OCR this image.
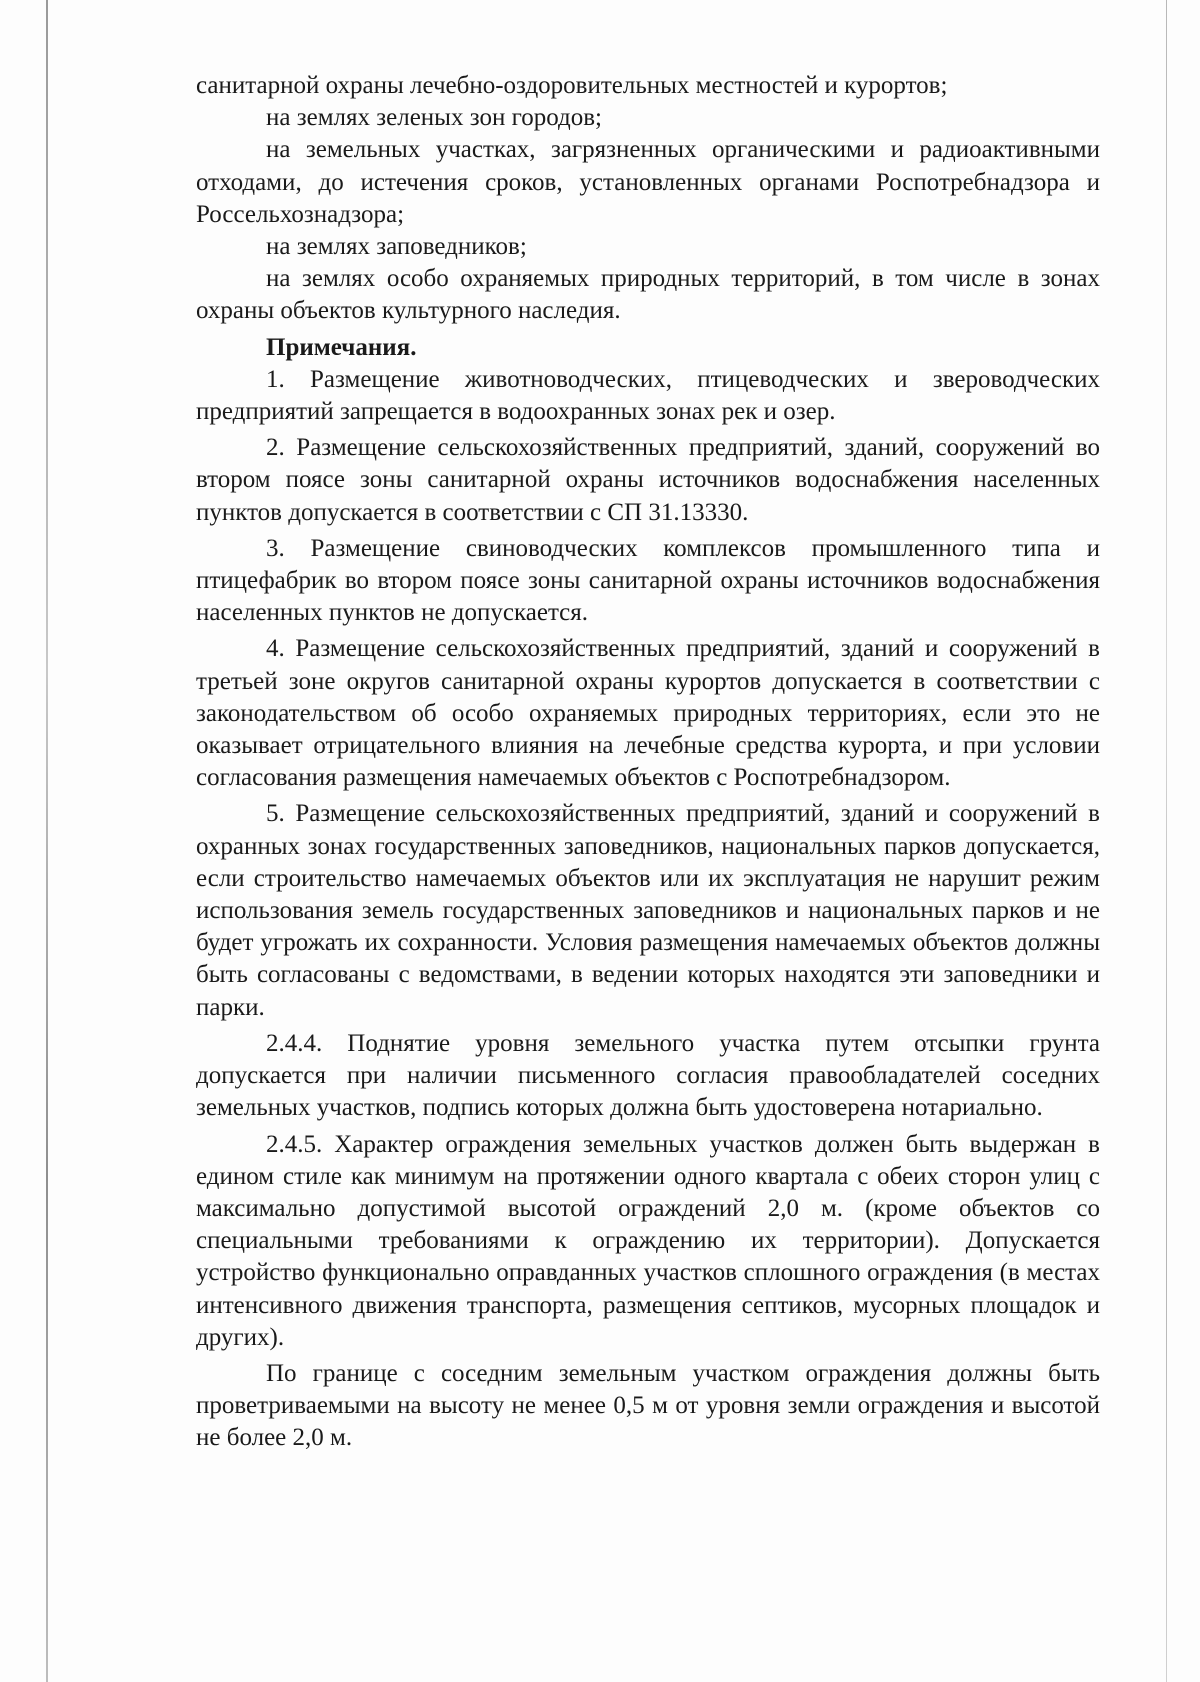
санитарной охраны лечебно-оздоровительных местностей и курортов;

на землях зеленых зон городов;

на земельных участках, загрязненных органическими и радиоактивными отходами, до истечения сроков, установленных органами Роспотребнадзора и Россельхознадзора;

на землях заповедников;

на землях особо охраняемых природных территорий, в том числе в зонах охраны объектов культурного наследия.

Примечания.

1. Размещение животноводческих, птицеводческих и звероводческих предприятий запрещается в водоохранных зонах рек и озер.

2. Размещение сельскохозяйственных предприятий, зданий, сооружений во втором поясе зоны санитарной охраны источников водоснабжения населенных пунктов допускается в соответствии с СП 31.13330.

3. Размещение свиноводческих комплексов промышленного типа и птицефабрик во втором поясе зоны санитарной охраны источников водоснабжения населенных пунктов не допускается.

4. Размещение сельскохозяйственных предприятий, зданий и сооружений в третьей зоне округов санитарной охраны курортов допускается в соответствии с законодательством об особо охраняемых природных территориях, если это не оказывает отрицательного влияния на лечебные средства курорта, и при условии согласования размещения намечаемых объектов с Роспотребнадзором.

5. Размещение сельскохозяйственных предприятий, зданий и сооружений в охранных зонах государственных заповедников, национальных парков допускается, если строительство намечаемых объектов или их эксплуатация не нарушит режим использования земель государственных заповедников и национальных парков и не будет угрожать их сохранности. Условия размещения намечаемых объектов должны быть согласованы с ведомствами, в ведении которых находятся эти заповедники и парки.

2.4.4. Поднятие уровня земельного участка путем отсыпки грунта допускается при наличии письменного согласия правообладателей соседних земельных участков, подпись которых должна быть удостоверена нотариально.

2.4.5. Характер ограждения земельных участков должен быть выдержан в едином стиле как минимум на протяжении одного квартала с обеих сторон улиц с максимально допустимой высотой ограждений 2,0 м. (кроме объектов со специальными требованиями к ограждению их территории). Допускается устройство функционально оправданных участков сплошного ограждения (в местах интенсивного движения транспорта, размещения септиков, мусорных площадок и других).

По границе с соседним земельным участком ограждения должны быть проветриваемыми на высоту не менее 0,5 м от уровня земли ограждения и высотой не более 2,0 м.
